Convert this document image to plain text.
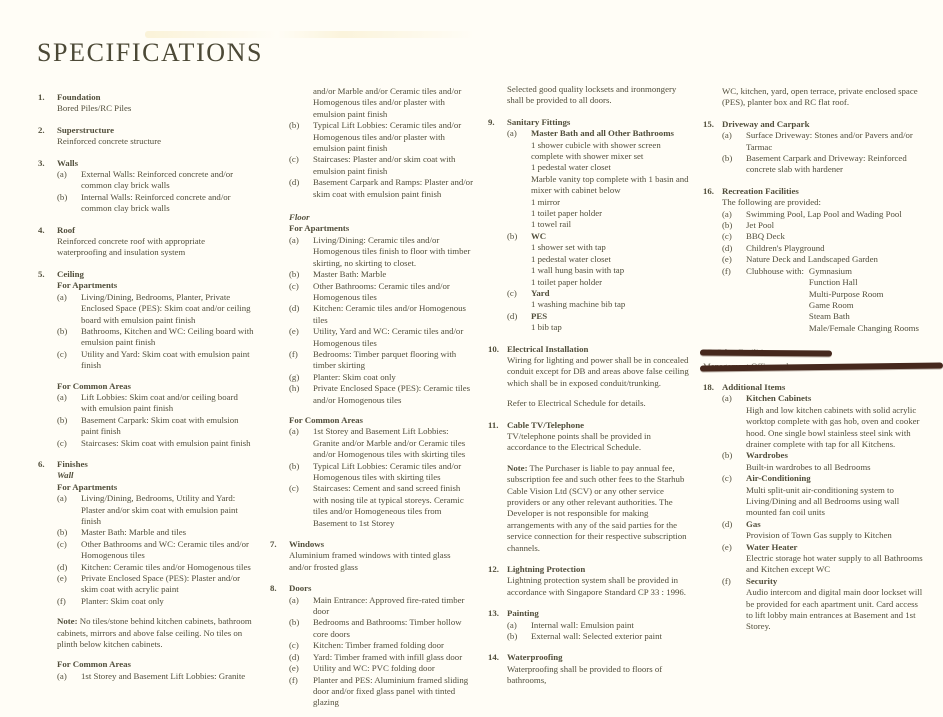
SPECIFICATIONS
1.	Foundation
Bored Piles/RC Piles
2.	Superstructure
Reinforced concrete structure
3.	Walls
(a)	External Walls: Reinforced concrete and/or common clay brick walls
(b)	Internal Walls: Reinforced concrete and/or common clay brick walls
4.	Roof
Reinforced concrete roof with appropriate waterproofing and insulation system
5.	Ceiling
For Apartments
(a)	Living/Dining, Bedrooms, Planter, Private Enclosed Space (PES): Skim coat and/or ceiling board with emulsion paint finish
(b)	Bathrooms, Kitchen and WC: Ceiling board with emulsion paint finish
(c)	Utility and Yard: Skim coat with emulsion paint finish
For Common Areas
(a)	Lift Lobbies: Skim coat and/or ceiling board with emulsion paint finish
(b)	Basement Carpark: Skim coat with emulsion paint finish
(c)	Staircases: Skim coat with emulsion paint finish
6.	Finishes
Wall
For Apartments
(a)	Living/Dining, Bedrooms, Utility and Yard: Plaster and/or skim coat with emulsion paint finish
(b)	Master Bath: Marble and tiles
(c)	Other Bathrooms and WC: Ceramic tiles and/or Homogenous tiles
(d)	Kitchen: Ceramic tiles and/or Homogenous tiles
(e)	Private Enclosed Space (PES): Plaster and/or skim coat with acrylic paint
(f)	Planter: Skim coat only
Note: No tiles/stone behind kitchen cabinets, bathroom cabinets, mirrors and above false ceiling. No tiles on plinth below kitchen cabinets.
For Common Areas
(a)	1st Storey and Basement Lift Lobbies: Granite
and/or Marble and/or Ceramic tiles and/or Homogenous tiles and/or plaster with emulsion paint finish
(b)	Typical Lift Lobbies: Ceramic tiles and/or Homogenous tiles and/or plaster with emulsion paint finish
(c)	Staircases: Plaster and/or skim coat with emulsion paint finish
(d)	Basement Carpark and Ramps: Plaster and/or skim coat with emulsion paint finish
Floor
For Apartments
(a)	Living/Dining: Ceramic tiles and/or Homogenous tiles finish to floor with timber skirting, no skirting to closet.
(b)	Master Bath: Marble
(c)	Other Bathrooms: Ceramic tiles and/or Homogenous tiles
(d)	Kitchen: Ceramic tiles and/or Homogenous tiles
(e)	Utility, Yard and WC: Ceramic tiles and/or Homogenous tiles
(f)	Bedrooms: Timber parquet flooring with timber skirting
(g)	Planter: Skim coat only
(h)	Private Enclosed Space (PES): Ceramic tiles and/or Homogenous tiles
For Common Areas
(a)	1st Storey and Basement Lift Lobbies: Granite and/or Marble and/or Ceramic tiles and/or Homogenous tiles with skirting tiles
(b)	Typical Lift Lobbies: Ceramic tiles and/or Homogenous tiles with skirting tiles
(c)	Staircases: Cement and sand screed finish with nosing tile at typical storeys. Ceramic tiles and/or Homogeneous tiles from Basement to 1st Storey
7.	Windows
Aluminium framed windows with tinted glass and/or frosted glass
8.	Doors
(a)	Main Entrance: Approved fire-rated timber door
(b)	Bedrooms and Bathrooms: Timber hollow core doors
(c)	Kitchen: Timber framed folding door
(d)	Yard: Timber framed with infill glass door
(e)	Utility and WC: PVC folding door
(f)	Planter and PES: Aluminium framed sliding door and/or fixed glass panel with tinted glazing
Selected good quality locksets and ironmongery shall be provided to all doors.
9.	Sanitary Fittings
(a)	Master Bath and all Other Bathrooms
1 shower cubicle with shower screen complete with shower mixer set
1 pedestal water closet
Marble vanity top complete with 1 basin and mixer with cabinet below
1 mirror
1 toilet paper holder
1 towel rail
(b)	WC
1 shower set with tap
1 pedestal water closet
1 wall hung basin with tap
1 toilet paper holder
(c)	Yard
1 washing machine bib tap
(d)	PES
1 bib tap
10. Electrical Installation
Wiring for lighting and power shall be in concealed conduit except for DB and areas above false ceiling which shall be in exposed conduit/trunking.
Refer to Electrical Schedule for details.
11. Cable TV/Telephone
TV/telephone points shall be provided in accordance to the Electrical Schedule.
Note: The Purchaser is liable to pay annual fee, subscription fee and such other fees to the Starhub Cable Vision Ltd (SCV) or any other service providers or any other relevant authorities. The Developer is not responsible for making arrangements with any of the said parties for the service connection for their respective subscription channels.
12. Lightning Protection
Lightning protection system shall be provided in accordance with Singapore Standard CP 33 : 1996.
13. Painting
(a)	Internal wall: Emulsion paint
(b)	External wall: Selected exterior paint
14. Waterproofing
Waterproofing shall be provided to floors of bathrooms,
WC, kitchen, yard, open terrace, private enclosed space (PES), planter box and RC flat roof.
15. Driveway and Carpark
(a)	Surface Driveway: Stones and/or Pavers and/or Tarmac
(b)	Basement Carpark and Driveway: Reinforced concrete slab with hardener
16. Recreation Facilities
The following are provided:
(a)	Swimming Pool, Lap Pool and Wading Pool
(b)	Jet Pool
(c)	BBQ Deck
(d)	Children's Playground
(e)	Nature Deck and Landscaped Garden
(f)	Clubhouse with: Gymnasium
Function Hall
Multi-Purpose Room
Game Room
Steam Bath
Male/Female Changing Rooms
18. Additional Items
(a)	Kitchen Cabinets
High and low kitchen cabinets with solid acrylic worktop complete with gas hob, oven and cooker hood. One single bowl stainless steel sink with drainer complete with tap for all Kitchens.
(b)	Wardrobes
Built-in wardrobes to all Bedrooms
(c)	Air-Conditioning
Multi split-unit air-conditioning system to Living/Dining and all Bedrooms using wall mounted fan coil units
(d)	Gas
Provision of Town Gas supply to Kitchen
(e)	Water Heater
Electric storage hot water supply to all Bathrooms and Kitchen except WC
(f)	Security
Audio intercom and digital main door lockset will be provided for each apartment unit. Card access to lift lobby main entrances at Basement and 1st Storey.
